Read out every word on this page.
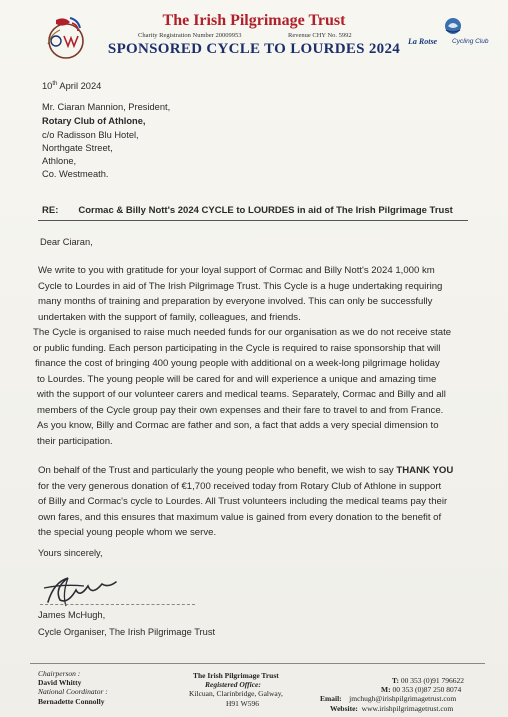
The Irish Pilgrimage Trust
Charity Registration Number 20009953	Revenue CHY No. 5992
SPONSORED CYCLE TO LOURDES 2024 La Rotse Cycling Club
10th April 2024
Mr. Ciaran Mannion, President,
Rotary Club of Athlone,
c/o Radisson Blu Hotel,
Northgate Street,
Athlone,
Co. Westmeath.
RE: Cormac & Billy Nott's 2024 CYCLE to LOURDES in aid of The Irish Pilgrimage Trust
Dear Ciaran,
We write to you with gratitude for your loyal support of Cormac and Billy Nott's 2024 1,000 km
Cycle to Lourdes in aid of The Irish Pilgrimage Trust. This Cycle is a huge undertaking requiring
many months of training and preparation by everyone involved. This can only be successfully
undertaken with the support of family, colleagues, and friends.
The Cycle is organised to raise much needed funds for our organisation as we do not receive state
or public funding. Each person participating in the Cycle is required to raise sponsorship that will
finance the cost of bringing 400 young people with additional on a week-long pilgrimage holiday
to Lourdes. The young people will be cared for and will experience a unique and amazing time
with the support of our volunteer carers and medical teams. Separately, Cormac and Billy and all
members of the Cycle group pay their own expenses and their fare to travel to and from France.
As you know, Billy and Cormac are father and son, a fact that adds a very special dimension to
their participation.
On behalf of the Trust and particularly the young people who benefit, we wish to say THANK YOU
for the very generous donation of €1,700 received today from Rotary Club of Athlone in support
of Billy and Cormac's cycle to Lourdes. All Trust volunteers including the medical teams pay their
own fares, and this ensures that maximum value is gained from every donation to the benefit of
the special young people whom we serve.
Yours sincerely,
James McHugh,
Cycle Organiser, The Irish Pilgrimage Trust
Chairperson :
David Whitty
National Coordinator :
Bernadette Connolly
The Irish Pilgrimage Trust
Registered Office:
Kilcuan, Clarinbridge, Galway,
H91 W596
T: 00 353 (0)91 796622
M: 00 353 (0)87 250 8074
Email: jmchugh@irishpilgrimagetrust.com
Website: www.irishpilgrimagetrust.com
